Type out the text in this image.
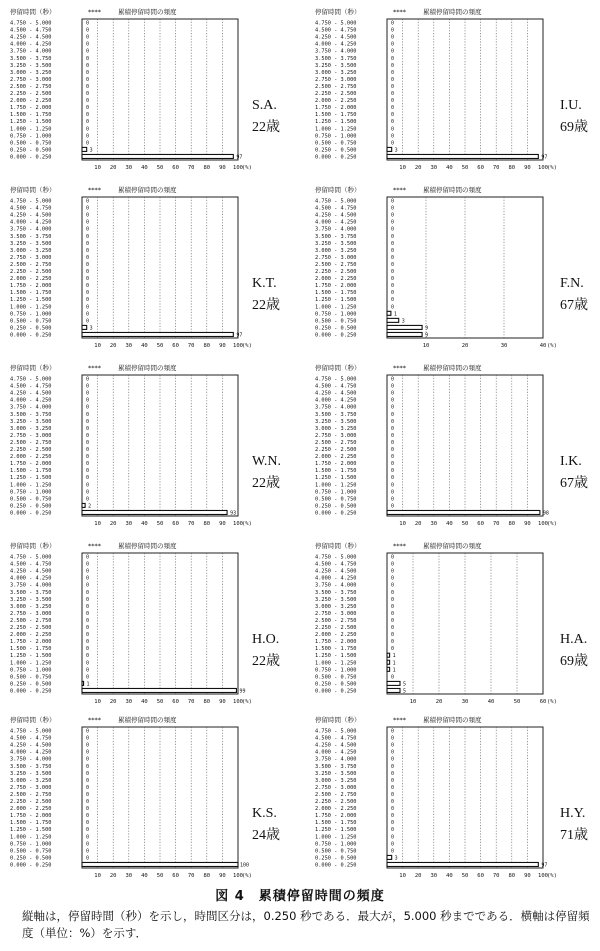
停留時間（秒）	****	累積停留時間の頻度
10 20 30 40 50 60 70 80 90 100 (%)
4.750 - 5.000	0
4.500 - 4.750	0
4.250 - 4.500	0
4.000 - 4.250	0
3.750 - 4.000	0
3.500 - 3.750	0
3.250 - 3.500	0
3.000 - 3.250	0
2.750 - 3.000	0
2.500 - 2.750	0
2.250 - 2.500	0
2.000 - 2.250	0
1.750 - 2.000	0
1.500 - 1.750	0
1.250 - 1.500	0
1.000 - 1.250	0
0.750 - 1.000	0
0.500 - 0.750	0
0.250 - 0.500	3
0.000 - 0.250	97
停留時間（秒）	****	累積停留時間の頻度
10 20 30 40 50 60 70 80 90 100 (%)
4.750 - 5.000	0
4.500 - 4.750	0
4.250 - 4.500	0
4.000 - 4.250	0
3.750 - 4.000	0
3.500 - 3.750	0
3.250 - 3.500	0
3.000 - 3.250	0
2.750 - 3.000	0
2.500 - 2.750	0
2.250 - 2.500	0
2.000 - 2.250	0
1.750 - 2.000	0
1.500 - 1.750	0
1.250 - 1.500	0
1.000 - 1.250	0
0.750 - 1.000	0
0.500 - 0.750	0
0.250 - 0.500	3
0.000 - 0.250	97
停留時間（秒）	****	累積停留時間の頻度
10 20 30 40 50 60 70 80 90 100 (%)
4.750 - 5.000	0
4.500 - 4.750	0
4.250 - 4.500	0
4.000 - 4.250	0
3.750 - 4.000	0
3.500 - 3.750	0
3.250 - 3.500	0
3.000 - 3.250	0
2.750 - 3.000	0
2.500 - 2.750	0
2.250 - 2.500	0
2.000 - 2.250	0
1.750 - 2.000	0
1.500 - 1.750	0
1.250 - 1.500	0
1.000 - 1.250	0
0.750 - 1.000	0
0.500 - 0.750	0
0.250 - 0.500	3
0.000 - 0.250	97
停留時間（秒）	****	累積停留時間の頻度
10	20	30	40 (%)
4.750 - 5.000	0
4.500 - 4.750	0
4.250 - 4.500	0
4.000 - 4.250	0
3.750 - 4.000	0
3.500 - 3.750	0
3.250 - 3.500	0
3.000 - 3.250	0
2.750 - 3.000	0
2.500 - 2.750	0
2.250 - 2.500	0
2.000 - 2.250	0
1.750 - 2.000	0
1.500 - 1.750	0
1.250 - 1.500	0
1.000 - 1.250	0
0.750 - 1.000	1
0.500 - 0.750	3
0.250 - 0.500	9
0.000 - 0.250	9
停留時間（秒）	****	累積停留時間の頻度
10 20 30 40 50 60 70 80 90 100 (%)
4.750 - 5.000	0
4.500 - 4.750	0
4.250 - 4.500	0
4.000 - 4.250	0
3.750 - 4.000	0
3.500 - 3.750	0
3.250 - 3.500	0
3.000 - 3.250	0
2.750 - 3.000	0
2.500 - 2.750	0
2.250 - 2.500	0
2.000 - 2.250	0
1.750 - 2.000	0
1.500 - 1.750	0
1.250 - 1.500	0
1.000 - 1.250	0
0.750 - 1.000	0
0.500 - 0.750	0
0.250 - 0.500	2
0.000 - 0.250	93
停留時間（秒）	****	累積停留時間の頻度
10 20 30 40 50 60 70 80 90 100 (%)
4.750 - 5.000	0
4.500 - 4.750	0
4.250 - 4.500	0
4.000 - 4.250	0
3.750 - 4.000	0
3.500 - 3.750	0
3.250 - 3.500	0
3.000 - 3.250	0
2.750 - 3.000	0
2.500 - 2.750	0
2.250 - 2.500	0
2.000 - 2.250	0
1.750 - 2.000	0
1.500 - 1.750	0
1.250 - 1.500	0
1.000 - 1.250	0
0.750 - 1.000	0
0.500 - 0.750	0
0.250 - 0.500	0
0.000 - 0.250	98
停留時間（秒）	****	累積停留時間の頻度
10 20 30 40 50 60 70 80 90 100 (%)
4.750 - 5.000	0
4.500 - 4.750	0
4.250 - 4.500	0
4.000 - 4.250	0
3.750 - 4.000	0
3.500 - 3.750	0
3.250 - 3.500	0
3.000 - 3.250	0
2.750 - 3.000	0
2.500 - 2.750	0
2.250 - 2.500	0
2.000 - 2.250	0
1.750 - 2.000	0
1.500 - 1.750	0
1.250 - 1.500	0
1.000 - 1.250	0
0.750 - 1.000	0
0.500 - 0.750	0
0.250 - 0.500	1
0.000 - 0.250	99
停留時間（秒）	****	累積停留時間の頻度
10	20	30	40	50	60 (%)
4.750 - 5.000	0
4.500 - 4.750	0
4.250 - 4.500	0
4.000 - 4.250	0
3.750 - 4.000	0
3.500 - 3.750	0
3.250 - 3.500	0
3.000 - 3.250	0
2.750 - 3.000	0
2.500 - 2.750	0
2.250 - 2.500	0
2.000 - 2.250	0
1.750 - 2.000	0
1.500 - 1.750	0
1.250 - 1.500	1
1.000 - 1.250	1
0.750 - 1.000	1
0.500 - 0.750	0
0.250 - 0.500	5
0.000 - 0.250	5
停留時間（秒）	****	累積停留時間の頻度
10 20 30 40 50 60 70 80 90 100 (%)
4.750 - 5.000	0
4.500 - 4.750	0
4.250 - 4.500	0
4.000 - 4.250	0
3.750 - 4.000	0
3.500 - 3.750	0
3.250 - 3.500	0
3.000 - 3.250	0
2.750 - 3.000	0
2.500 - 2.750	0
2.250 - 2.500	0
2.000 - 2.250	0
1.750 - 2.000	0
1.500 - 1.750	0
1.250 - 1.500	0
1.000 - 1.250	0
0.750 - 1.000	0
0.500 - 0.750	0
0.250 - 0.500	0
0.000 - 0.250	100
停留時間（秒）	****	累積停留時間の頻度
10 20 30 40 50 60 70 80 90 100 (%)
4.750 - 5.000	0
4.500 - 4.750	0
4.250 - 4.500	0
4.000 - 4.250	0
3.750 - 4.000	0
3.500 - 3.750	0
3.250 - 3.500	0
3.000 - 3.250	0
2.750 - 3.000	0
2.500 - 2.750	0
2.250 - 2.500	0
2.000 - 2.250	0
1.750 - 2.000	0
1.500 - 1.750	0
1.250 - 1.500	0
1.000 - 1.250	0
0.750 - 1.000	0
0.500 - 0.750	0
0.250 - 0.500	3
0.000 - 0.250	97
図 4　累積停留時間の頻度
縦軸は，停留時間（秒）を示し，時間区分は，0.250 秒である．最大が，5.000 秒までである．横軸は停留頻度（単位：%）を示す．
S.A.
22歳
I.U.
69歳
K.T.
22歳
F.N.
67歳
W.N.
22歳
I.K.
67歳
H.O.
22歳
H.A.
69歳
K.S.
24歳
H.Y.
71歳
